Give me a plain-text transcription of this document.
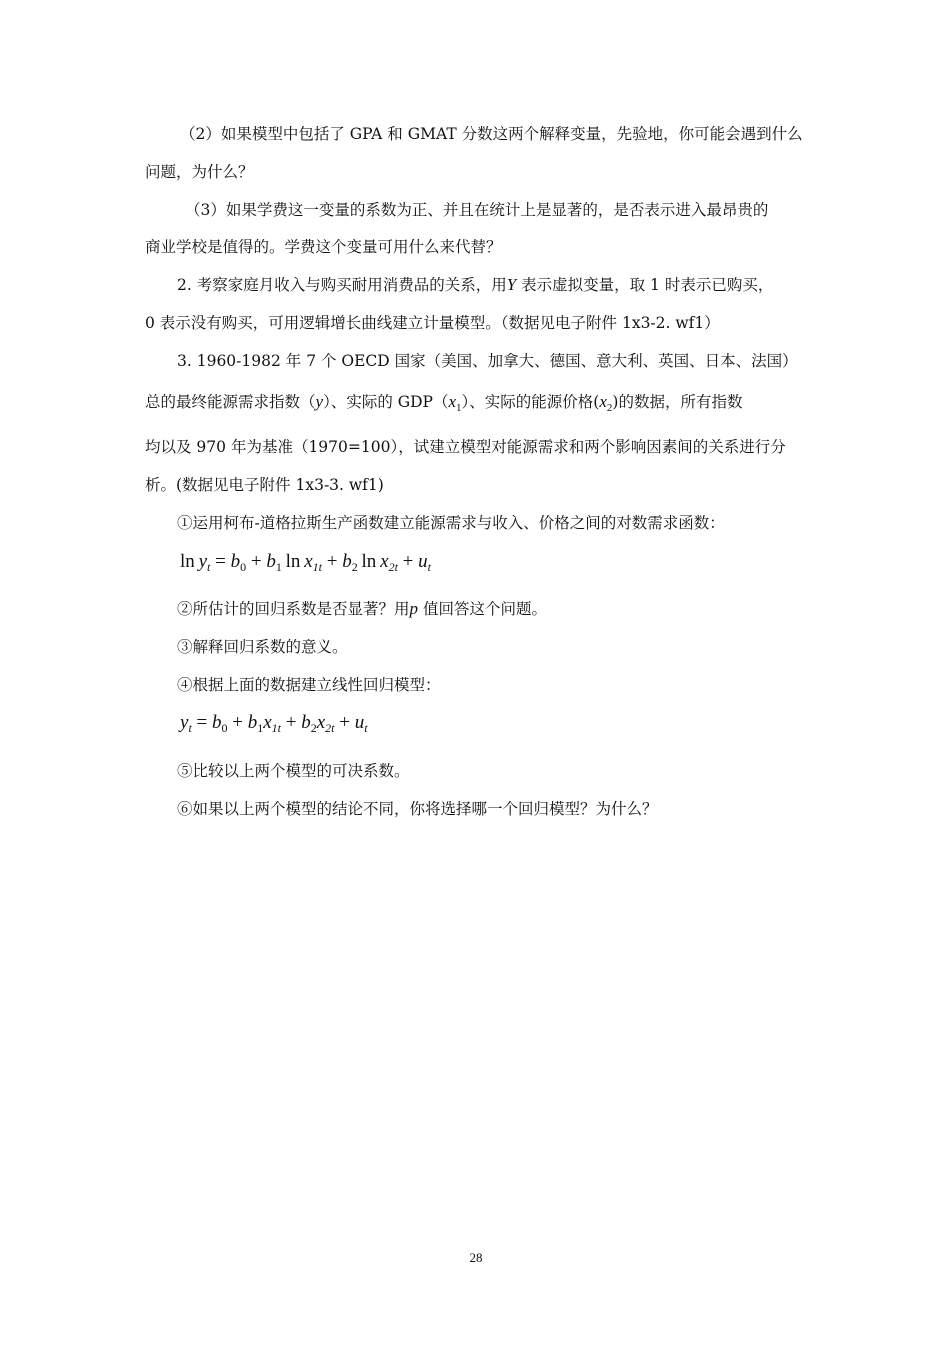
（2）如果模型中包括了 GPA 和 GMAT 分数这两个解释变量，先验地，你可能会遇到什么
问题，为什么？
（3）如果学费这一变量的系数为正、并且在统计上是显著的，是否表示进入最昂贵的
商业学校是值得的。学费这个变量可用什么来代替？
2. 考察家庭月收入与购买耐用消费品的关系，用Y 表示虚拟变量，取 1 时表示已购买，
0 表示没有购买，可用逻辑增长曲线建立计量模型。（数据见电子附件 1x3-2. wf1）
3. 1960-1982 年 7 个 OECD 国家（美国、加拿大、德国、意大利、英国、日本、法国）
总的最终能源需求指数（y）、实际的 $GDP(x_1)$、实际的能源价格$(x_2)$的数据，所有指数
均以及 970 年为基准（1970=100），试建立模型对能源需求和两个影响因素间的关系进行分
析。(数据见电子附件 1x3-3. wf1)
①运用柯布-道格拉斯生产函数建立能源需求与收入、价格之间的对数需求函数：
$\ln y_t = b_0 + b_1$  $\ln x_{1t} + b_2$  $\ln x_{2t} + u_t$
②所估计的回归系数是否显著？用p 值回答这个问题。
③解释回归系数的意义。
④根据上面的数据建立线性回归模型：
$y_t = b_0 + b_1x_{1t} + b_2x_{2t} + u_t$
⑤比较以上两个模型的可决系数。
⑥如果以上两个模型的结论不同，你将选择哪一个回归模型？为什么？
28
